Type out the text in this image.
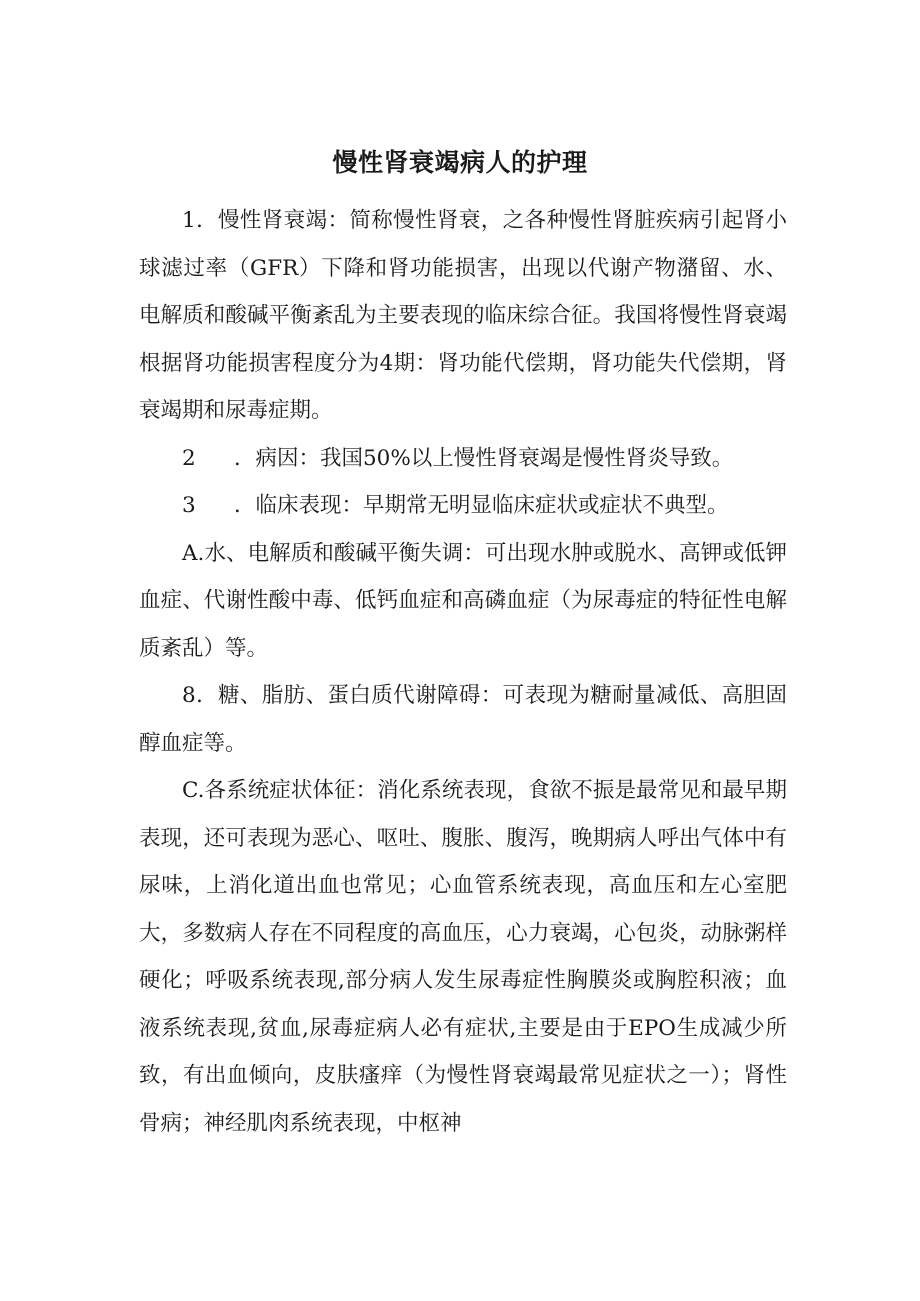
慢性肾衰竭病人的护理

1．慢性肾衰竭：简称慢性肾衰，之各种慢性肾脏疾病引起肾小球滤过率（GFR）下降和肾功能损害，出现以代谢产物潴留、水、电解质和酸碱平衡紊乱为主要表现的临床综合征。我国将慢性肾衰竭根据肾功能损害程度分为4期：肾功能代偿期，肾功能失代偿期，肾衰竭期和尿毒症期。

2 ．病因：我国50%以上慢性肾衰竭是慢性肾炎导致。

3 ．临床表现：早期常无明显临床症状或症状不典型。

A.水、电解质和酸碱平衡失调：可出现水肿或脱水、高钾或低钾血症、代谢性酸中毒、低钙血症和高磷血症（为尿毒症的特征性电解质紊乱）等。

8．糖、脂肪、蛋白质代谢障碍：可表现为糖耐量减低、高胆固醇血症等。

C.各系统症状体征：消化系统表现，食欲不振是最常见和最早期表现，还可表现为恶心、呕吐、腹胀、腹泻，晚期病人呼出气体中有尿味，上消化道出血也常见；心血管系统表现，高血压和左心室肥大，多数病人存在不同程度的高血压，心力衰竭，心包炎，动脉粥样硬化；呼吸系统表现,部分病人发生尿毒症性胸膜炎或胸腔积液；血液系统表现,贫血,尿毒症病人必有症状,主要是由于EPO生成减少所致，有出血倾向，皮肤瘙痒（为慢性肾衰竭最常见症状之一）；肾性骨病；神经肌肉系统表现，中枢神
